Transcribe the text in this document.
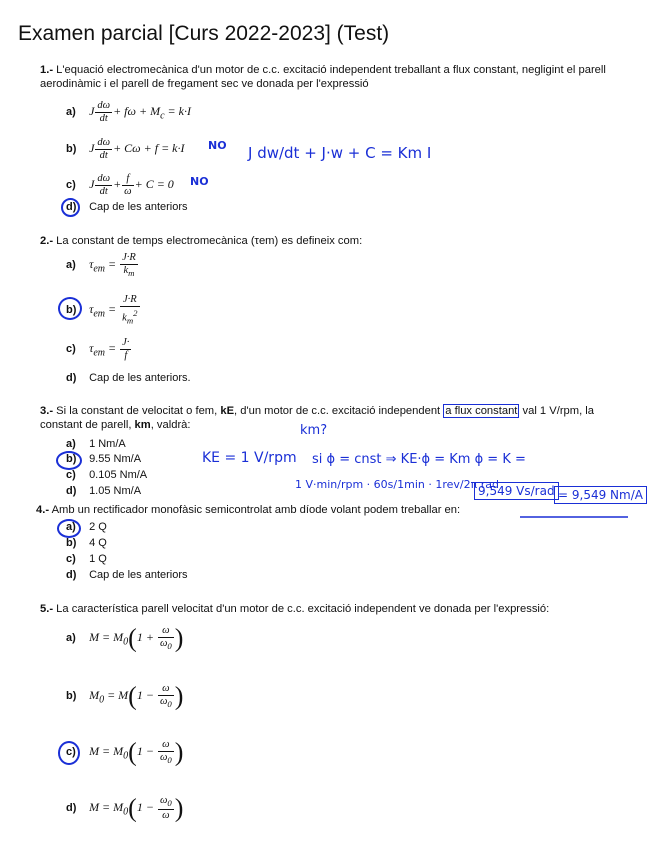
Examen parcial [Curs 2022-2023] (Test)
1.- L'equació electromecànica d'un motor de c.c. excitació independent treballant a flux constant, negligint el parell aerodinàmic i el parell de fregament sec ve donada per l'expressió
a) J $\frac{d\omega}{dt} + f\omega + M_c = k\cdot I$
b) J $\frac{d\omega}{dt} + C\omega + f = k\cdot I$
c) J $\frac{d\omega}{dt} + \frac{f}{\omega} + C = 0$
d) Cap de les anteriors
2.- La constant de temps electromecànica (τem) es defineix com:
a) $\tau_{em} = \frac{J\cdot R}{k_m}$
b) $\tau_{em} = \frac{J\cdot R}{k_m^2}$
c) $\tau_{em} = \frac{J\cdot}{f}$
d) Cap de les anteriors.
3.- Si la constant de velocitat o fem, kE, d'un motor de c.c. excitació independent a flux constant val 1 V/rpm, la constant de parell, km, valdrà:
a) 1 Nm/A
b) 9.55 Nm/A
c) 0.105 Nm/A
d) 1.05 Nm/A
4.- Amb un rectificador monofàsic semicontrolat amb díode volant podem treballar en:
a) 2 Q
b) 4 Q
c) 1 Q
d) Cap de les anteriors
5.- La característica parell velocitat d'un motor de c.c. excitació independent ve donada per l'expressió:
a) $M = M_0(1 + \frac{\omega}{\omega_0}$ )
b) $M_0 = M(1 - \frac{\omega}{\omega_0}$ )
c) $M = M_0(1 - \frac{\omega}{\omega_0}$ )
d) $M = M_0(1 - \frac{\omega_0}{\omega}$ )
NO
NO
J dw/dt + J·w + C = Km I
km?
KE = 1 V/rpm si ϕ = cnst ⇒ KE·ϕ = Km ϕ = K =
1 V·min/rpm · 60s/1min · 1rev/2π rad
9,549 Vs/rad = 9,549 Nm/A
